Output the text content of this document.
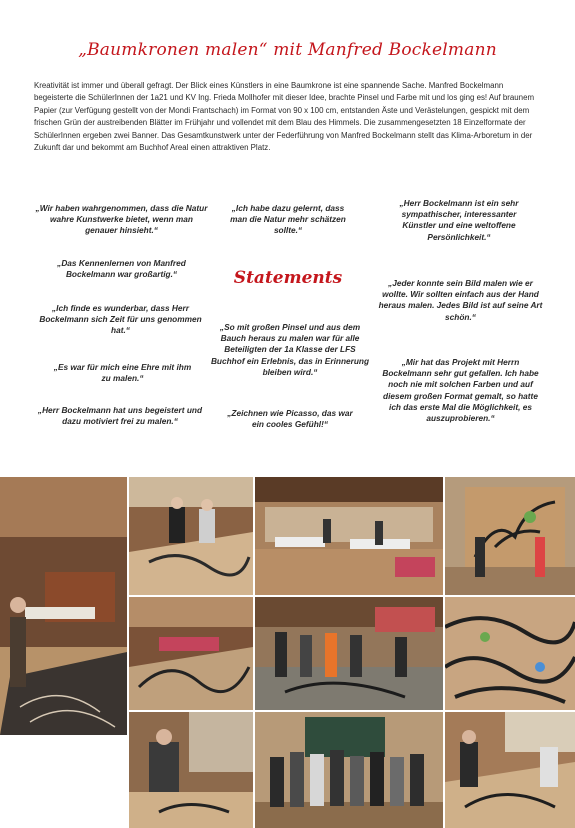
„Baumkronen malen“ mit Manfred Bockelmann

Kreativität ist immer und überall gefragt. Der Blick eines Künstlers in eine Baumkrone ist eine spannende Sache. Manfred Bockelmann begeisterte die SchülerInnen der 1a21 und KV Ing. Frieda Mollhofer mit dieser Idee, brachte Pinsel und Farbe mit und los ging es! Auf braunem Papier (zur Verfügung gestellt von der Mondi Frantschach) im Format von 90 x 100 cm, entstanden Äste und Verästelungen, gespickt mit dem frischen Grün der austreibenden Blätter im Frühjahr und vollendet mit dem Blau des Himmels. Die zusammengesetzten 18 Einzelformate der SchülerInnen ergeben zwei Banner. Das Gesamtkunstwerk unter der Federführung von Manfred Bockelmann stellt das Klima-Arboretum in der Zukunft dar und bekommt am Buchhof Areal einen attraktiven Platz.

„Wir haben wahrgenommen, dass die Natur wahre Kunstwerke bietet, wenn man genauer hinsieht.“

„Das Kennenlernen von Manfred Bockelmann war großartig.“

„Ich finde es wunderbar, dass Herr Bockelmann sich Zeit für uns genommen hat.“

„Es war für mich eine Ehre mit ihm zu malen.“

„Herr Bockelmann hat uns begeistert und dazu motiviert frei zu malen.“

„Ich habe dazu gelernt, dass man die Natur mehr schätzen sollte.“

Statements

„So mit großen Pinsel und aus dem Bauch heraus zu malen war für alle Beteiligten der 1a Klasse der LFS Buchhof ein Erlebnis, das in Erinnerung bleiben wird.“

„Zeichnen wie Picasso, das war ein cooles Gefühl!“

„Herr Bockelmann ist ein sehr sympathischer, interessanter Künstler und eine weltoffene Persönlichkeit.“

„Jeder konnte sein Bild malen wie er wollte. Wir sollten einfach aus der Hand heraus malen. Jedes Bild ist auf seine Art schön.“

„Mir hat das Projekt mit Herrn Bockelmann sehr gut gefallen. Ich habe noch nie mit solchen Farben und auf diesem großen Format gemalt, so hatte ich das erste Mal die Möglichkeit, es auszuprobieren.“
